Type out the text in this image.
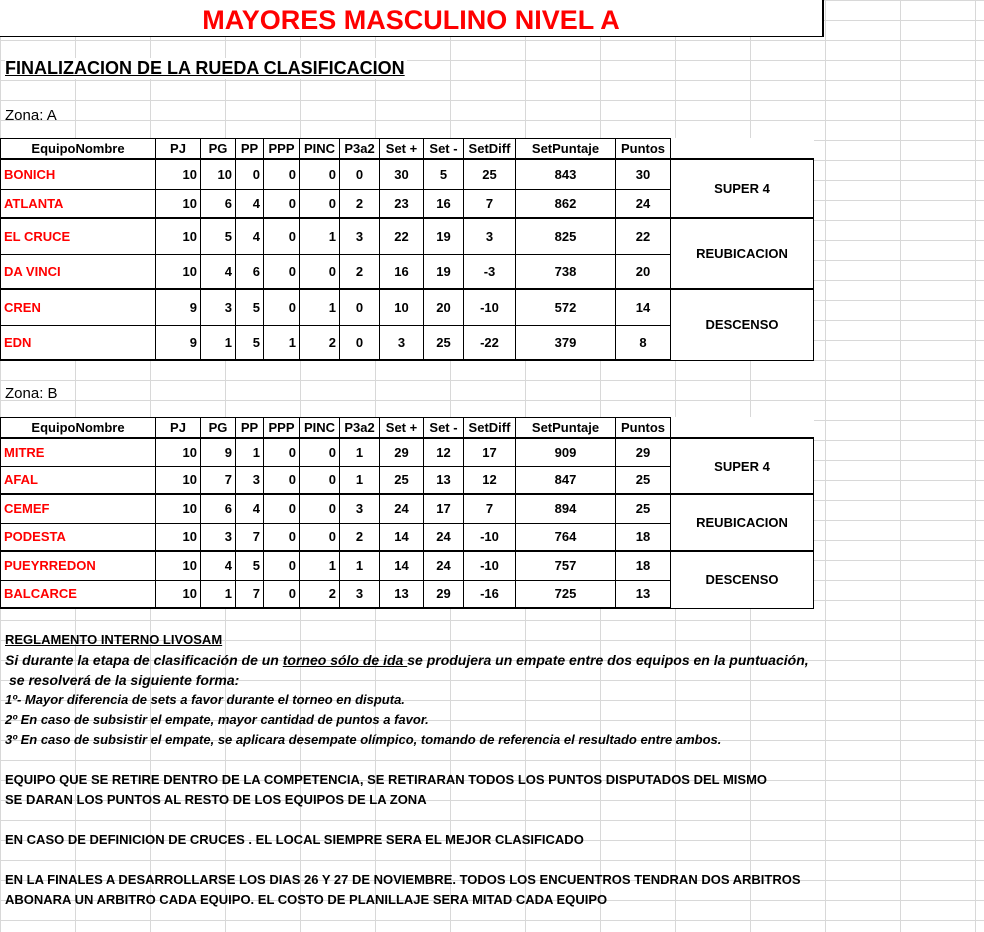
MAYORES MASCULINO NIVEL A
FINALIZACION DE LA RUEDA CLASIFICACION
Zona: A
EquipoNombre	PJ	PG	PP	PPP	PINC	P3a2	Set +	Set -	SetDiff	SetPuntaje	Puntos	
BONICH	10	10	0	0	0	0	30	5	25	843	30	SUPER 4
ATLANTA	10	6	4	0	0	2	23	16	7	862	24	
EL CRUCE	10	5	4	0	1	3	22	19	3	825	22	REUBICACION
DA VINCI	10	4	6	0	0	2	16	19	-3	738	20	
CREN	9	3	5	0	1	0	10	20	-10	572	14	DESCENSO
EDN	9	1	5	1	2	0	3	25	-22	379	8	
Zona: B
EquipoNombre	PJ	PG	PP	PPP	PINC	P3a2	Set +	Set -	SetDiff	SetPuntaje	Puntos	
MITRE	10	9	1	0	0	1	29	12	17	909	29	SUPER 4
AFAL	10	7	3	0	0	1	25	13	12	847	25	
CEMEF	10	6	4	0	0	3	24	17	7	894	25	REUBICACION
PODESTA	10	3	7	0	0	2	14	24	-10	764	18	
PUEYRREDON	10	4	5	0	1	1	14	24	-10	757	18	DESCENSO
BALCARCE	10	1	7	0	2	3	13	29	-16	725	13	
REGLAMENTO INTERNO LIVOSAM
Si durante la etapa de clasificación de un torneo sólo de ida se produjera un empate entre dos equipos en la puntuación,
se resolverá de la siguiente forma:
1º- Mayor diferencia de sets a favor durante el torneo en disputa.
2º En caso de subsistir el empate, mayor cantidad de puntos a favor.
3º En caso de subsistir el empate, se aplicara desempate olímpico, tomando de referencia el resultado entre ambos.
EQUIPO QUE SE RETIRE DENTRO DE LA COMPETENCIA, SE RETIRARAN TODOS LOS PUNTOS DISPUTADOS DEL MISMO
SE DARAN LOS PUNTOS AL RESTO DE LOS EQUIPOS DE LA ZONA
EN CASO DE DEFINICION DE CRUCES . EL LOCAL SIEMPRE SERA EL MEJOR CLASIFICADO
EN LA FINALES A DESARROLLARSE LOS DIAS 26 Y 27 DE NOVIEMBRE. TODOS LOS ENCUENTROS TENDRAN DOS ARBITROS
ABONARA UN ARBITRO CADA EQUIPO. EL COSTO DE PLANILLAJE SERA MITAD CADA EQUIPO
